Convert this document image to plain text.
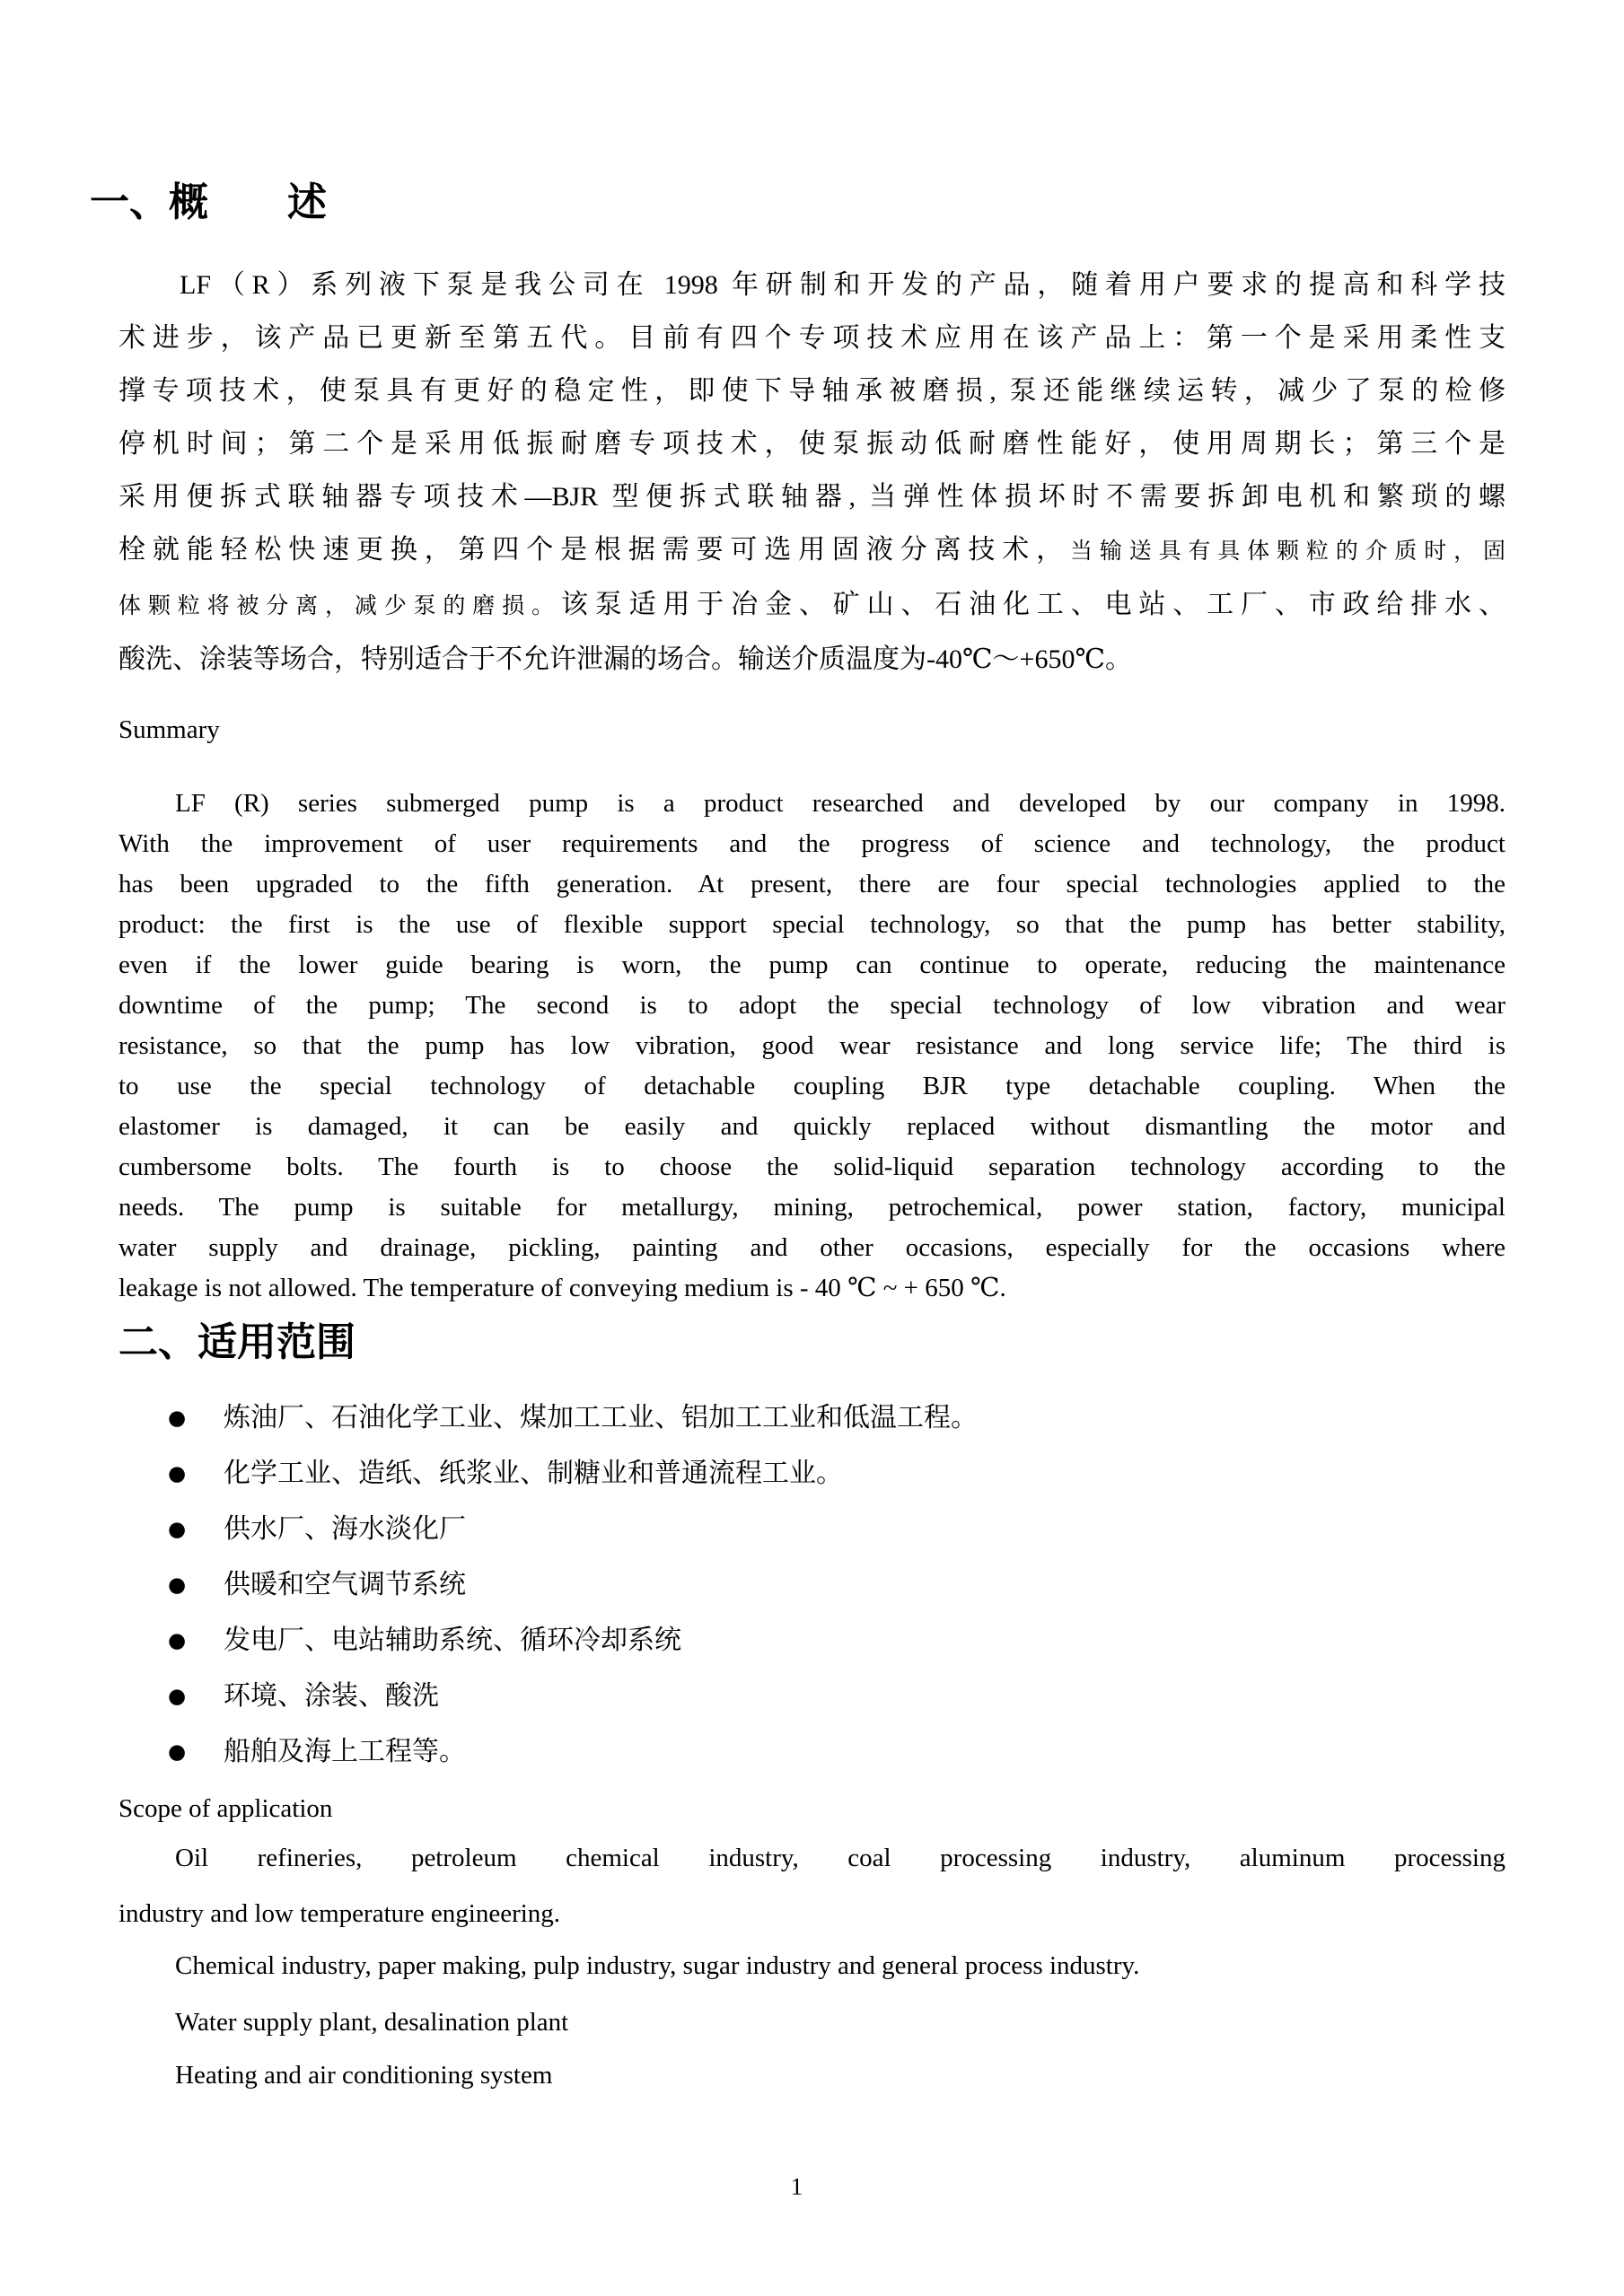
一、概　　述
LF（R）系列液下泵是我公司在 1998 年研制和开发的产品，随着用户要求的提高和科学技
术进步，该产品已更新至第五代。目前有四个专项技术应用在该产品上：第一个是采用柔性支
撑专项技术，使泵具有更好的稳定性，即使下导轴承被磨损, 泵还能继续运转，减少了泵的检修
停机时间；第二个是采用低振耐磨专项技术，使泵振动低耐磨性能好，使用周期长；第三个是
采用便拆式联轴器专项技术—BJR 型便拆式联轴器, 当弹性体损坏时不需要拆卸电机和繁琐的螺
栓就能轻松快速更换，第四个是根据需要可选用固液分离技术，当输送具有具体颗粒的介质时，固
体颗粒将被分离，减少泵的磨损。该泵适用于冶金、矿山、石油化工、电站、工厂、市政给排水、
酸洗、涂装等场合，特别适合于不允许泄漏的场合。输送介质温度为-40℃～+650℃。
Summary
LF (R) series submerged pump is a product researched and developed by our company in 1998.
With the improvement of user requirements and the progress of science and technology, the product
has been upgraded to the fifth generation. At present, there are four special technologies applied to the
product: the first is the use of flexible support special technology, so that the pump has better stability,
even if the lower guide bearing is worn, the pump can continue to operate, reducing the maintenance
downtime of the pump; The second is to adopt the special technology of low vibration and wear
resistance, so that the pump has low vibration, good wear resistance and long service life; The third is
to use the special technology of detachable coupling BJR type detachable coupling. When the
elastomer is damaged, it can be easily and quickly replaced without dismantling the motor and
cumbersome bolts. The fourth is to choose the solid-liquid separation technology according to the
needs. The pump is suitable for metallurgy, mining, petrochemical, power station, factory, municipal
water supply and drainage, pickling, painting and other occasions, especially for the occasions where
leakage is not allowed. The temperature of conveying medium is - 40 ℃ ~ + 650 ℃.
二、适用范围
● 炼油厂、石油化学工业、煤加工工业、铝加工工业和低温工程。
● 化学工业、造纸、纸浆业、制糖业和普通流程工业。
● 供水厂、海水淡化厂
● 供暖和空气调节系统
● 发电厂、电站辅助系统、循环冷却系统
● 环境、涂装、酸洗
● 船舶及海上工程等。
Scope of application
Oil refineries, petroleum chemical industry, coal processing industry, aluminum processing
industry and low temperature engineering.
Chemical industry, paper making, pulp industry, sugar industry and general process industry.
Water supply plant, desalination plant
Heating and air conditioning system
1
